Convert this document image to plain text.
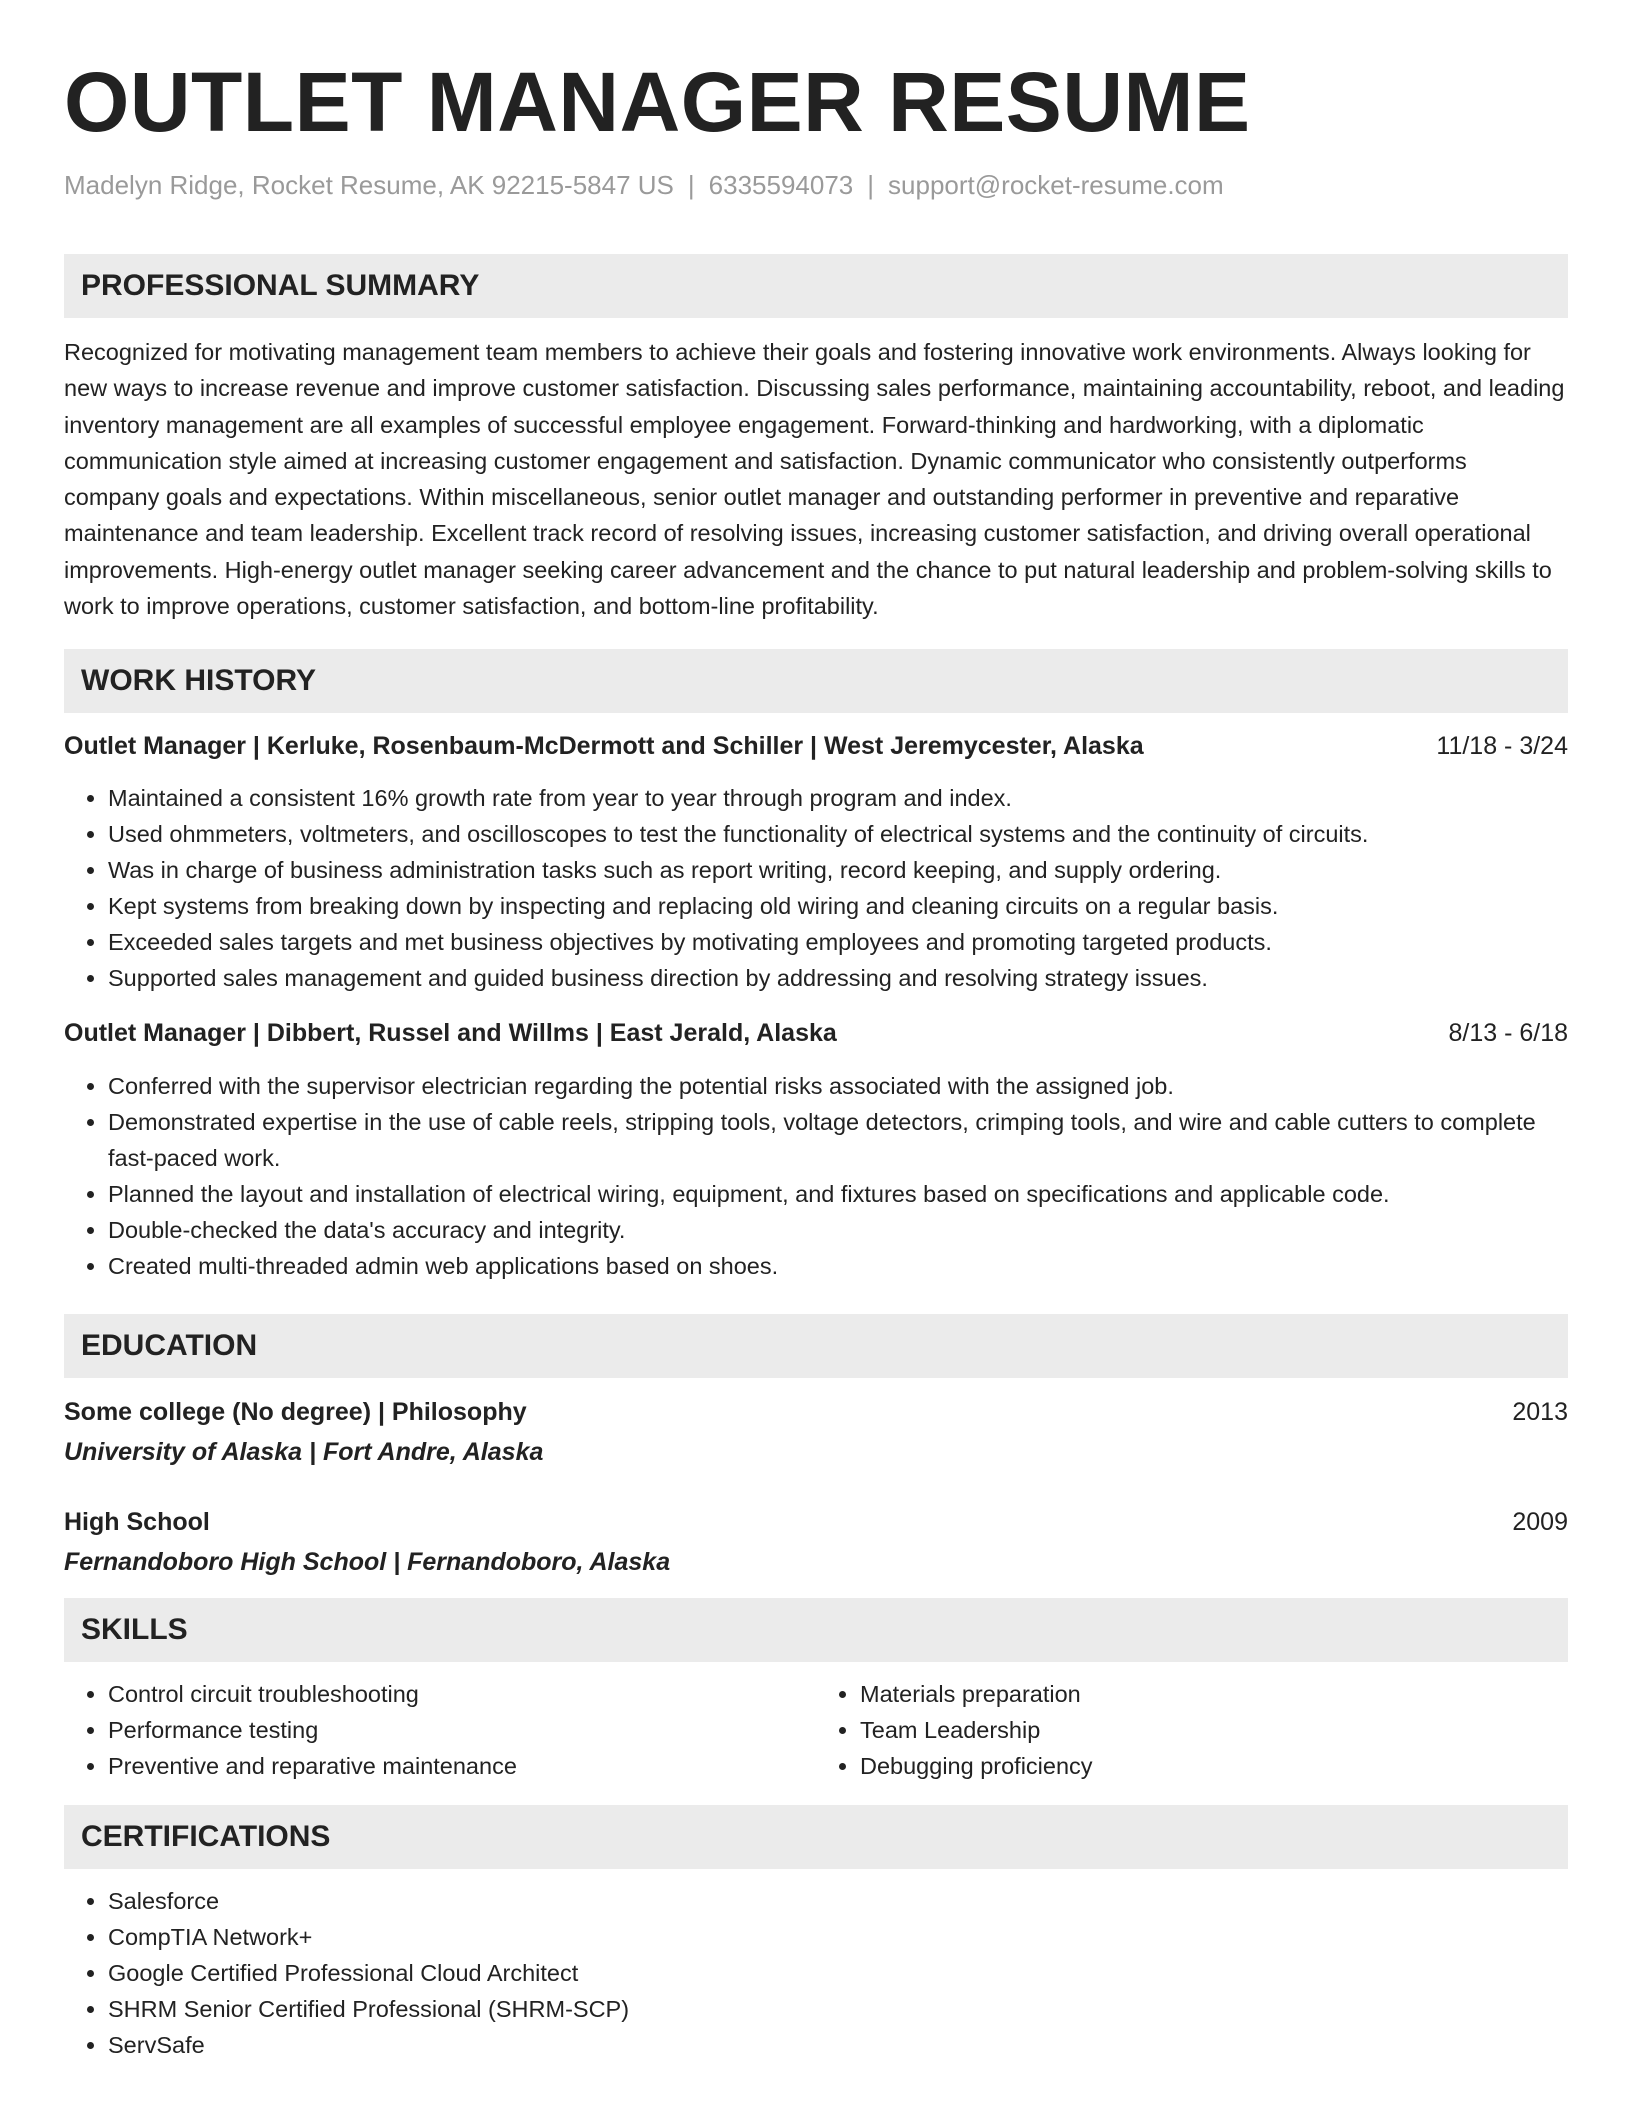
OUTLET MANAGER RESUME
Madelyn Ridge, Rocket Resume, AK 92215-5847 US | 6335594073 | support@rocket-resume.com
PROFESSIONAL SUMMARY

Recognized for motivating management team members to achieve their goals and fostering innovative work environments. Always looking for new ways to increase revenue and improve customer satisfaction. Discussing sales performance, maintaining accountability, reboot, and leading inventory management are all examples of successful employee engagement. Forward-thinking and hardworking, with a diplomatic communication style aimed at increasing customer engagement and satisfaction. Dynamic communicator who consistently outperforms company goals and expectations. Within miscellaneous, senior outlet manager and outstanding performer in preventive and reparative maintenance and team leadership. Excellent track record of resolving issues, increasing customer satisfaction, and driving overall operational improvements. High-energy outlet manager seeking career advancement and the chance to put natural leadership and problem-solving skills to work to improve operations, customer satisfaction, and bottom-line profitability.

WORK HISTORY
Outlet Manager | Kerluke, Rosenbaum-McDermott and Schiller | West Jeremycester, Alaska	11/18 - 3/24
• Maintained a consistent 16% growth rate from year to year through program and index.
• Used ohmmeters, voltmeters, and oscilloscopes to test the functionality of electrical systems and the continuity of circuits.
• Was in charge of business administration tasks such as report writing, record keeping, and supply ordering.
• Kept systems from breaking down by inspecting and replacing old wiring and cleaning circuits on a regular basis.
• Exceeded sales targets and met business objectives by motivating employees and promoting targeted products.
• Supported sales management and guided business direction by addressing and resolving strategy issues.
Outlet Manager | Dibbert, Russel and Willms | East Jerald, Alaska	8/13 - 6/18
• Conferred with the supervisor electrician regarding the potential risks associated with the assigned job.
• Demonstrated expertise in the use of cable reels, stripping tools, voltage detectors, crimping tools, and wire and cable cutters to complete fast-paced work.
• Planned the layout and installation of electrical wiring, equipment, and fixtures based on specifications and applicable code.
• Double-checked the data's accuracy and integrity.
• Created multi-threaded admin web applications based on shoes.
EDUCATION
Some college (No degree) | Philosophy	2013
University of Alaska | Fort Andre, Alaska
High School	2009
Fernandoboro High School | Fernandoboro, Alaska
SKILLS
• Control circuit troubleshooting
• Performance testing
• Preventive and reparative maintenance
• Materials preparation
• Team Leadership
• Debugging proficiency
CERTIFICATIONS
• Salesforce
• CompTIA Network+
• Google Certified Professional Cloud Architect
• SHRM Senior Certified Professional (SHRM-SCP)
• ServSafe
